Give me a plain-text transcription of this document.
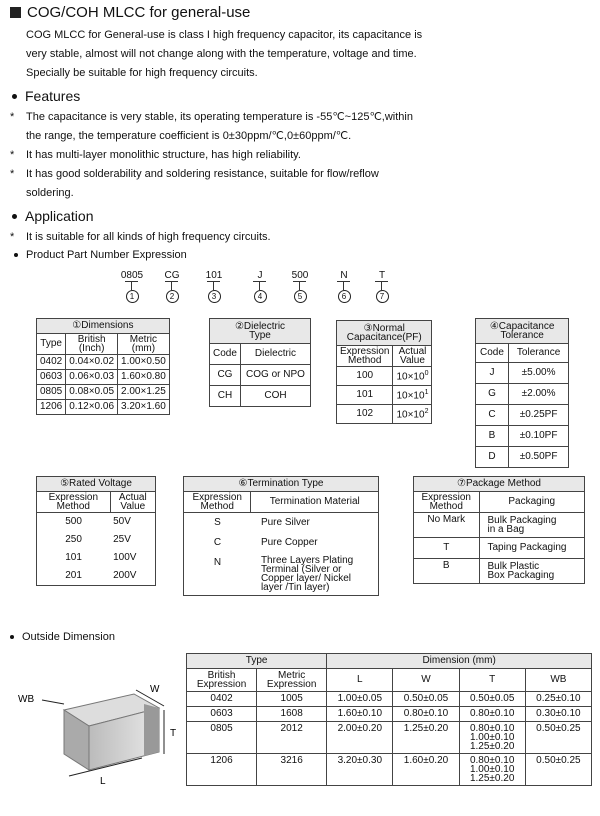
COG/COH MLCC for general-use
COG MLCC for General-use is class I high frequency capacitor, its capacitance is
very stable, almost will not change along with the temperature, voltage and time.
Specially be suitable for high frequency circuits.
Features
*	The capacitance is very stable, its operating temperature is -55℃~125℃,within
the range, the temperature coefficient is 0±30ppm/℃,0±60ppm/℃.
*	It has multi-layer monolithic structure, has high reliability.
*	It has good solderability and soldering resistance, suitable for flow/reflow
soldering.
Application
*	It is suitable for all kinds of high frequency circuits.
Product Part Number Expression
0805
1
CG
2
101
3
J
4
500
5
N
6
T
7
①Dimensions		
Type	British
(Inch)	Metric
(mm)
0402	0.04×0.02	1.00×0.50
0603	0.06×0.03	1.60×0.80
0805	0.08×0.05	2.00×1.25
1206	0.12×0.06	3.20×1.60
②Dielectric
Type	
Code	Dielectric
CG	COG or NPO
CH	COH
③Normal
Capacitance(PF)	
Expression
Method	Actual
Value
100	$10\times 10^0$
101	$10\times 10^1$
102	$10\times 10^2$
④Capacitance
Tolerance	
Code	Tolerance
J	±5.00%
G	±2.00%
C	±0.25PF
B	±0.10PF
D	±0.50PF
⑤Rated Voltage	
Expression
Method	Actual
Value
500	50V
250	25V
101	100V
201	200V
⑥Termination Type	
Expression
Method	Termination Material
S	Pure Silver
C	Pure Copper
N	Three Layers Plating
Terminal (Silver or
Copper layer/ Nickel
layer /Tin layer)
⑦Package Method	
Expression
Method	Packaging
No Mark	Bulk Packaging
in a Bag
T	Taping Packaging
B	Bulk Plastic
Box Packaging
Outside Dimension
WB
W
T
L
Type		Dimension (mm)			
British
Expression	Metric
Expression	L	W	T	WB
0402	1005	1.00±0.05	0.50±0.05	0.50±0.05	0.25±0.10
0603	1608	1.60±0.10	0.80±0.10	0.80±0.10	0.30±0.10
0805	2012	2.00±0.20	1.25±0.20	0.80±0.10
1.00±0.10
1.25±0.20	0.50±0.25
1206	3216	3.20±0.30	1.60±0.20	0.80±0.10
1.00±0.10
1.25±0.20	0.50±0.25
